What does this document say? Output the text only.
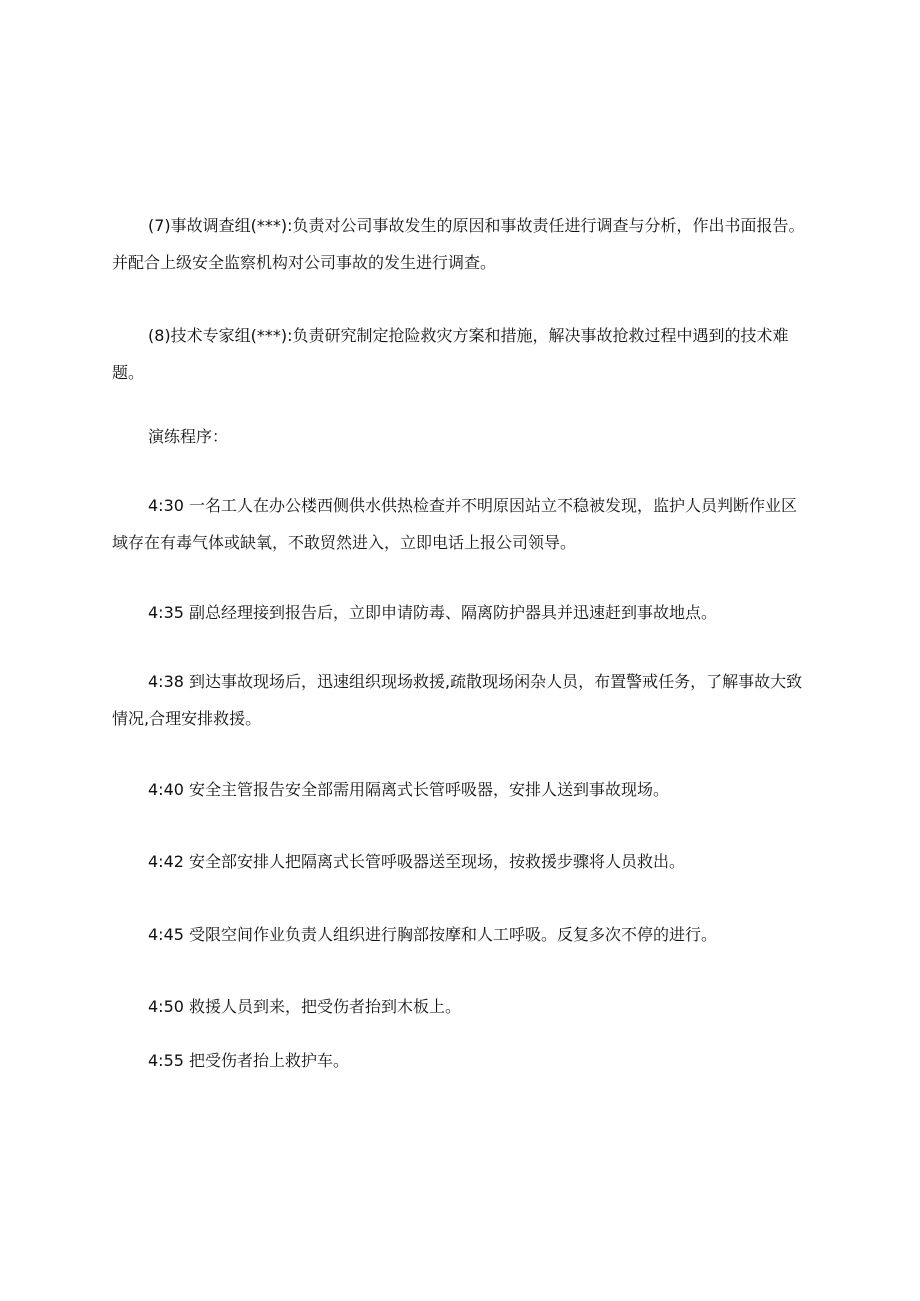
(7)事故调查组(***):负责对公司事故发生的原因和事故责任进行调查与分析，作出书面报告。并配合上级安全监察机构对公司事故的发生进行调查。

(8)技术专家组(***):负责研究制定抢险救灾方案和措施，解决事故抢救过程中遇到的技术难题。

演练程序：

4:30 一名工人在办公楼西侧供水供热检查并不明原因站立不稳被发现，监护人员判断作业区域存在有毒气体或缺氧，不敢贸然进入，立即电话上报公司领导。

4:35 副总经理接到报告后，立即申请防毒、隔离防护器具并迅速赶到事故地点。

4:38 到达事故现场后，迅速组织现场救援,疏散现场闲杂人员，布置警戒任务，了解事故大致情况,合理安排救援。

4:40 安全主管报告安全部需用隔离式长管呼吸器，安排人送到事故现场。

4:42 安全部安排人把隔离式长管呼吸器送至现场，按救援步骤将人员救出。

4:45 受限空间作业负责人组织进行胸部按摩和人工呼吸。反复多次不停的进行。

4:50 救援人员到来，把受伤者抬到木板上。

4:55 把受伤者抬上救护车。
